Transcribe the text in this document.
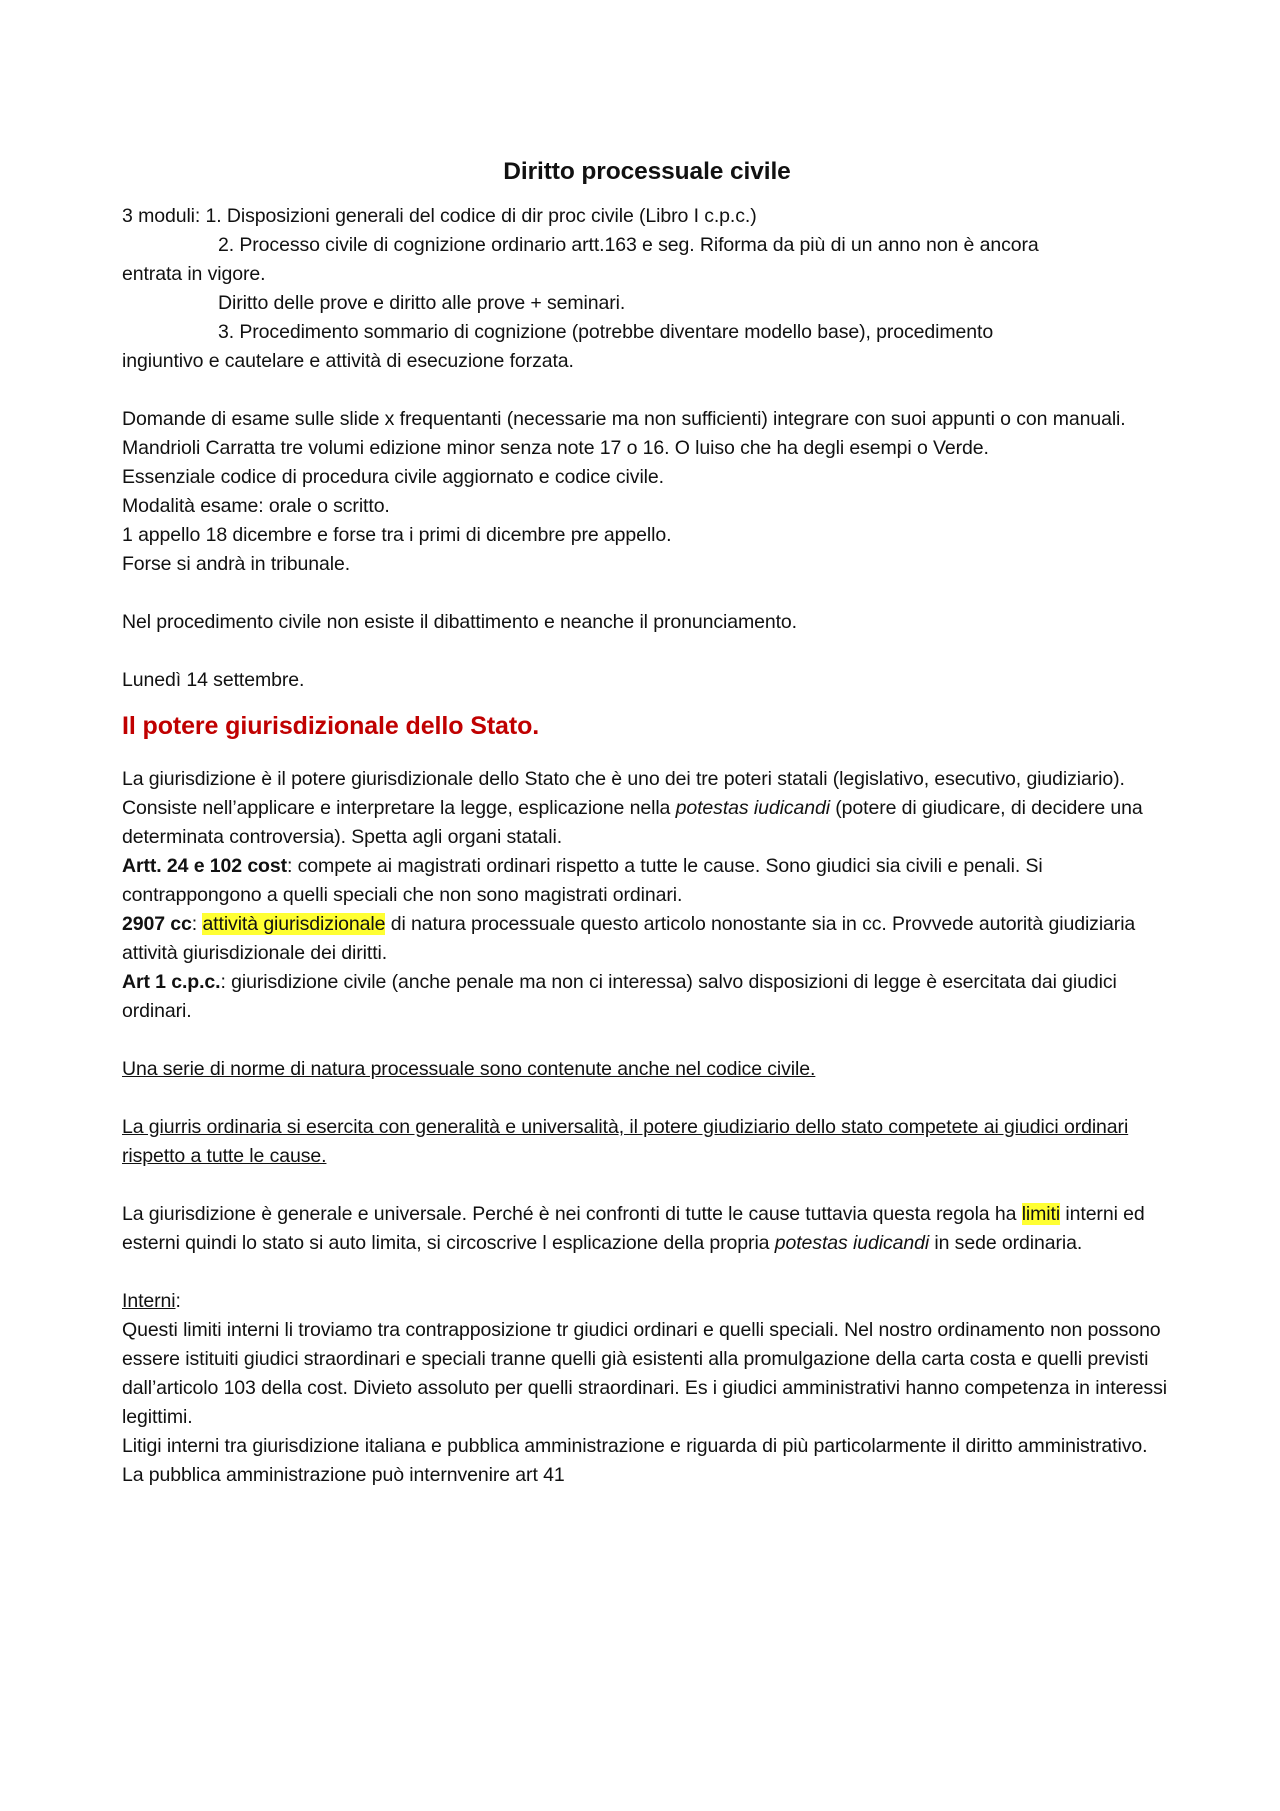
Diritto processuale civile

3 moduli: 1. Disposizioni generali del codice di dir proc civile (Libro I c.p.c.)

2. Processo civile di cognizione ordinario artt.163 e seg. Riforma da più di un anno non è ancora

entrata in vigore.

Diritto delle prove e diritto alle prove + seminari.

3. Procedimento sommario di cognizione (potrebbe diventare modello base), procedimento

ingiuntivo e cautelare e attività di esecuzione forzata.

Domande di esame sulle slide x frequentanti (necessarie ma non sufficienti) integrare con suoi appunti o con manuali.

Mandrioli Carratta tre volumi edizione minor senza note 17 o 16. O luiso che ha degli esempi o Verde.

Essenziale codice di procedura civile aggiornato e codice civile.

Modalità esame: orale o scritto.

1 appello 18 dicembre e forse tra i primi di dicembre pre appello.

Forse si andrà in tribunale.

Nel procedimento civile non esiste il dibattimento e neanche il pronunciamento.

Lunedì 14 settembre.

Il potere giurisdizionale dello Stato.

La giurisdizione è il potere giurisdizionale dello Stato che è uno dei tre poteri statali (legislativo, esecutivo, giudiziario). Consiste nell’applicare e interpretare la legge, esplicazione nella potestas iudicandi (potere di giudicare, di decidere una determinata controversia). Spetta agli organi statali.

Artt. 24 e 102 cost: compete ai magistrati ordinari rispetto a tutte le cause. Sono giudici sia civili e penali. Si contrappongono a quelli speciali che non sono magistrati ordinari.

2907 cc: attività giurisdizionale di natura processuale questo articolo nonostante sia in cc. Provvede autorità giudiziaria attività giurisdizionale dei diritti.

Art 1 c.p.c.: giurisdizione civile (anche penale ma non ci interessa) salvo disposizioni di legge è esercitata dai giudici ordinari.

Una serie di norme di natura processuale sono contenute anche nel codice civile.

La giurris ordinaria si esercita con generalità e universalità, il potere giudiziario dello stato competete ai giudici ordinari rispetto a tutte le cause.

La giurisdizione è generale e universale. Perché è nei confronti di tutte le cause tuttavia questa regola ha limiti interni ed esterni quindi lo stato si auto limita, si circoscrive l esplicazione della propria potestas iudicandi in sede ordinaria.

Interni:

Questi limiti interni li troviamo tra contrapposizione tr giudici ordinari e quelli speciali. Nel nostro ordinamento non possono essere istituiti giudici straordinari e speciali tranne quelli già esistenti alla promulgazione della carta costa e quelli previsti dall’articolo 103 della cost. Divieto assoluto per quelli straordinari. Es i giudici amministrativi hanno competenza in interessi legittimi.

Litigi interni tra giurisdizione italiana e pubblica amministrazione e riguarda di più particolarmente il diritto amministrativo. La pubblica amministrazione può internvenire art 41
